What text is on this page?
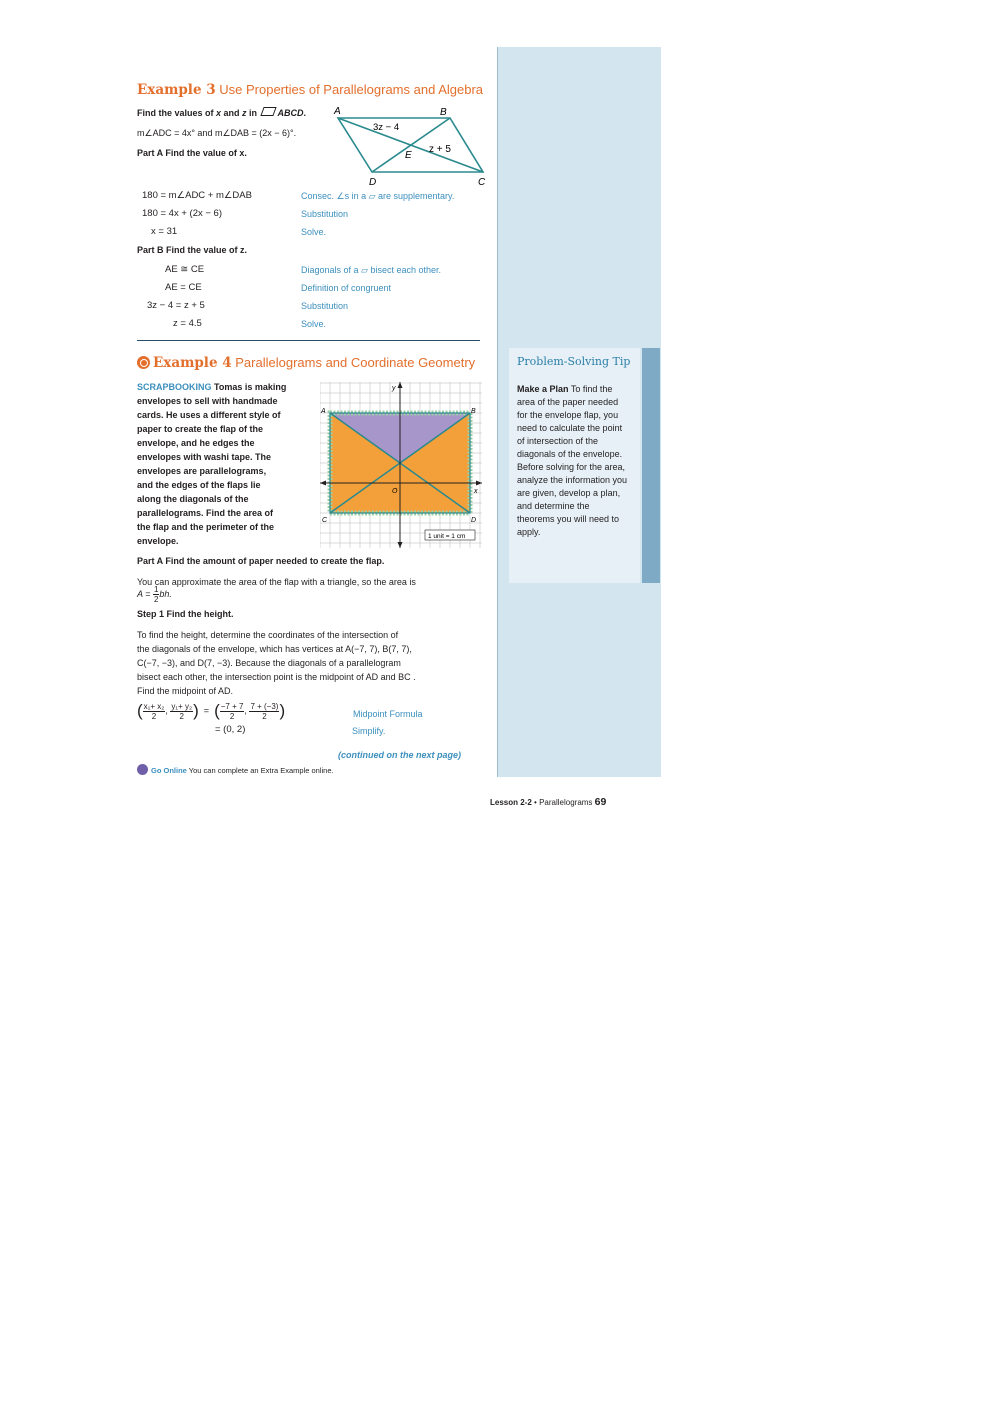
Problem-Solving Tip
Make a Plan To find the area of the paper needed for the envelope flap, you need to calculate the point of intersection of the diagonals of the envelope. Before solving for the area, analyze the information you are given, develop a plan, and determine the theorems you will need to apply.
Example 3 Use Properties of Parallelograms and Algebra
Find the values of x and z in ABCD.
m∠ADC = 4x° and m∠DAB = (2x − 6)°.
Part A Find the value of x.
A	B
C
D
E
3z − 4
z + 5
180 = m∠ADC + m∠DAB	Consec. ∠s in a ▱ are supplementary.
180 = 4x + (2x − 6)	Substitution
x = 31	Solve.
Part B Find the value of z.
AE ≅ CE	Diagonals of a ▱ bisect each other.
AE = CE	Definition of congruent
3z − 4 = z + 5	Substitution
z = 4.5	Solve.
Example 4 Parallelograms and Coordinate Geometry
SCRAPBOOKING Tomas is making
envelopes to sell with handmade
cards. He uses a different style of
paper to create the flap of the
envelope, and he edges the
envelopes with washi tape. The
envelopes are parallelograms,
and the edges of the flaps lie
along the diagonals of the
parallelograms. Find the area of
the flap and the perimeter of the
envelope.
A	B
C	D
O	x
y
1 unit = 1 cm
Part A Find the amount of paper needed to create the flap.
You can approximate the area of the flap with a triangle, so the area is
$A = \frac{1}{2}$ bh.
Step 1 Find the height.
To find the height, determine the coordinates of the intersection of
the diagonals of the envelope, which has vertices at A(−7, 7), B(7, 7),
C(−7, −3), and D(7, −3). Because the diagonals of a parallelogram
bisect each other, the intersection point is the midpoint of AD and BC .
Find the midpoint of AD.
( $\frac{\text{x₁+ x₂}}{2}$ , $\frac{\text{y₁+ y₂}}{2}$ ) = ( $\frac{-7 + 7}{2}$ , $\frac{7 + (-3)}{2}$ )	Midpoint Formula
= (0, 2)	Simplify.
(continued on the next page)
Go Online You can complete an Extra Example online.
Lesson 2-2 • Parallelograms 69
